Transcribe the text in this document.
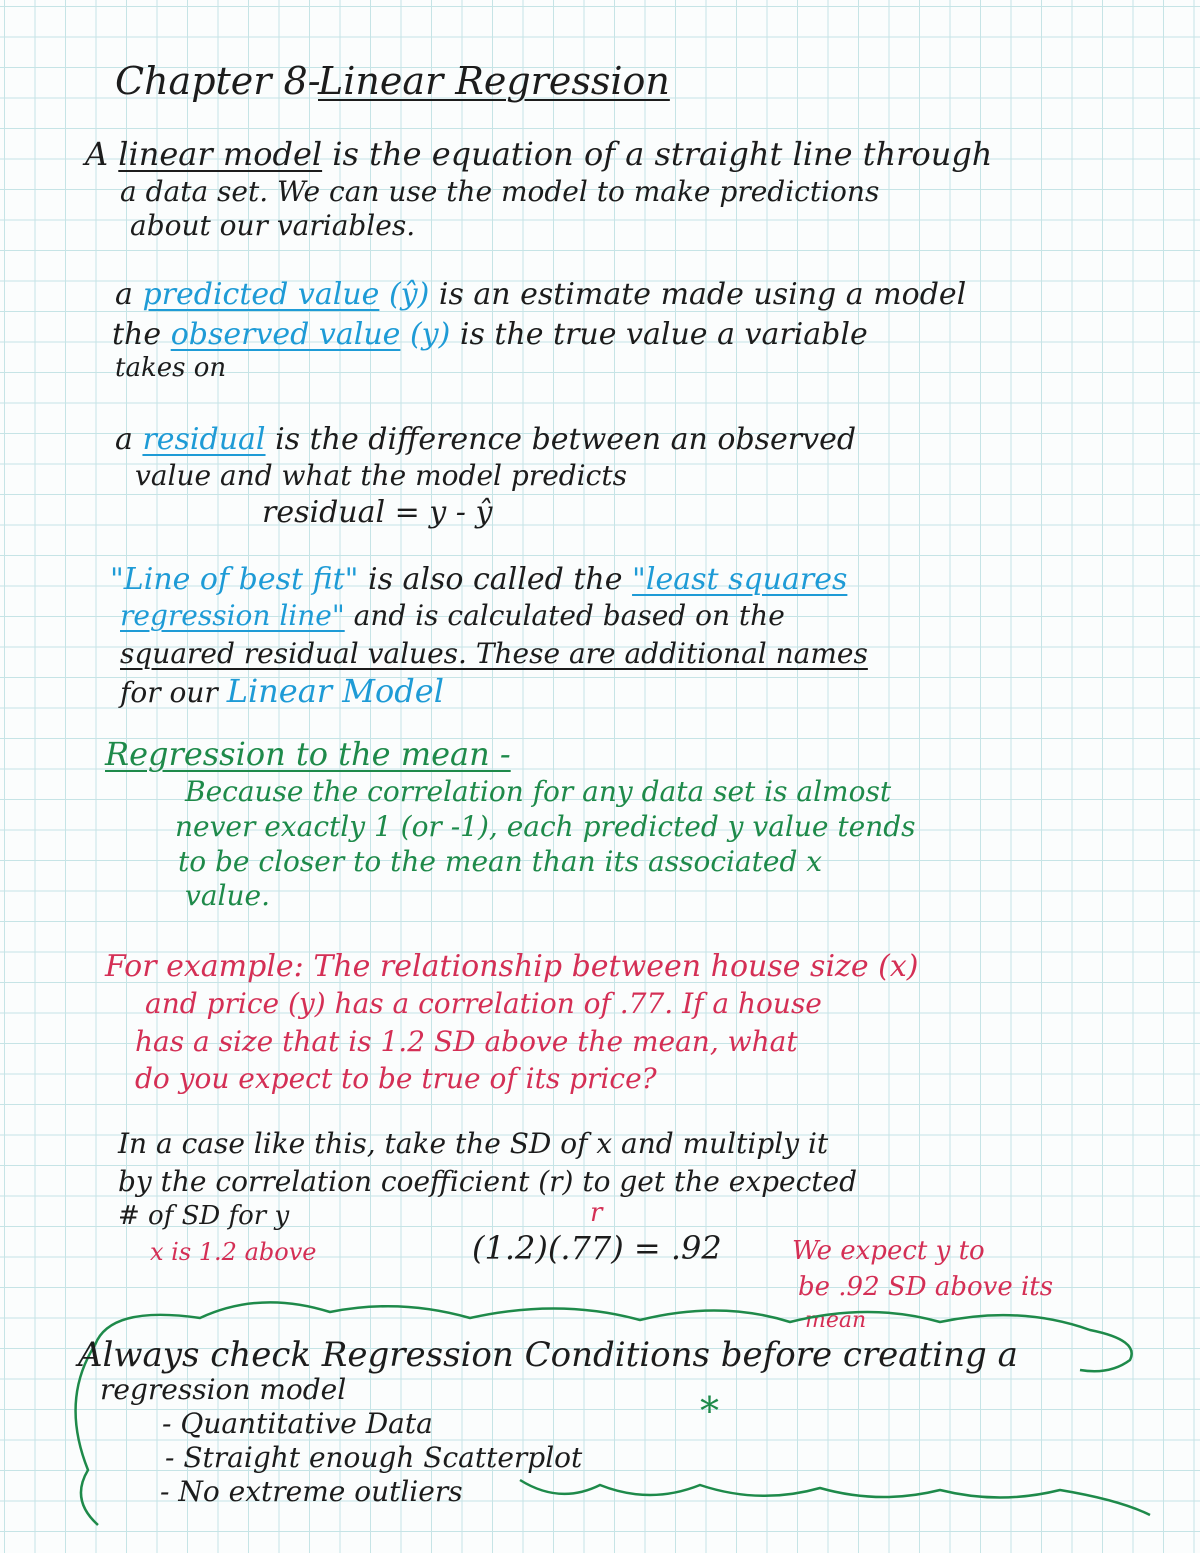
Chapter 8-
Linear Regression
A linear model is the equation of a straight line through
a data set. We can use the model to make predictions
about our variables.
a predicted value (ŷ) is an estimate made using a model
the observed value (y) is the true value a variable
takes on
a residual is the difference between an observed
value and what the model predicts
residual = y - ŷ
"Line of best fit" is also called the "least squares
regression line" and is calculated based on the
squared residual values. These are additional names
for our Linear Model
Regression to the mean -
Because the correlation for any data set is almost
never exactly 1 (or -1), each predicted y value tends
to be closer to the mean than its associated x
value.
For example: The relationship between house size (x)
and price (y) has a correlation of .77. If a house
has a size that is 1.2 SD above the mean, what
do you expect to be true of its price?
In a case like this, take the SD of x and multiply it
by the correlation coefficient (r) to get the expected
# of SD for y	r
x is 1.2 above	(1.2)(.77) = .92	We expect y to
be .92 SD above its
mean
Always check Regression Conditions before creating a
regression model
- Quantitative Data
- Straight enough Scatterplot
- No extreme outliers
*
